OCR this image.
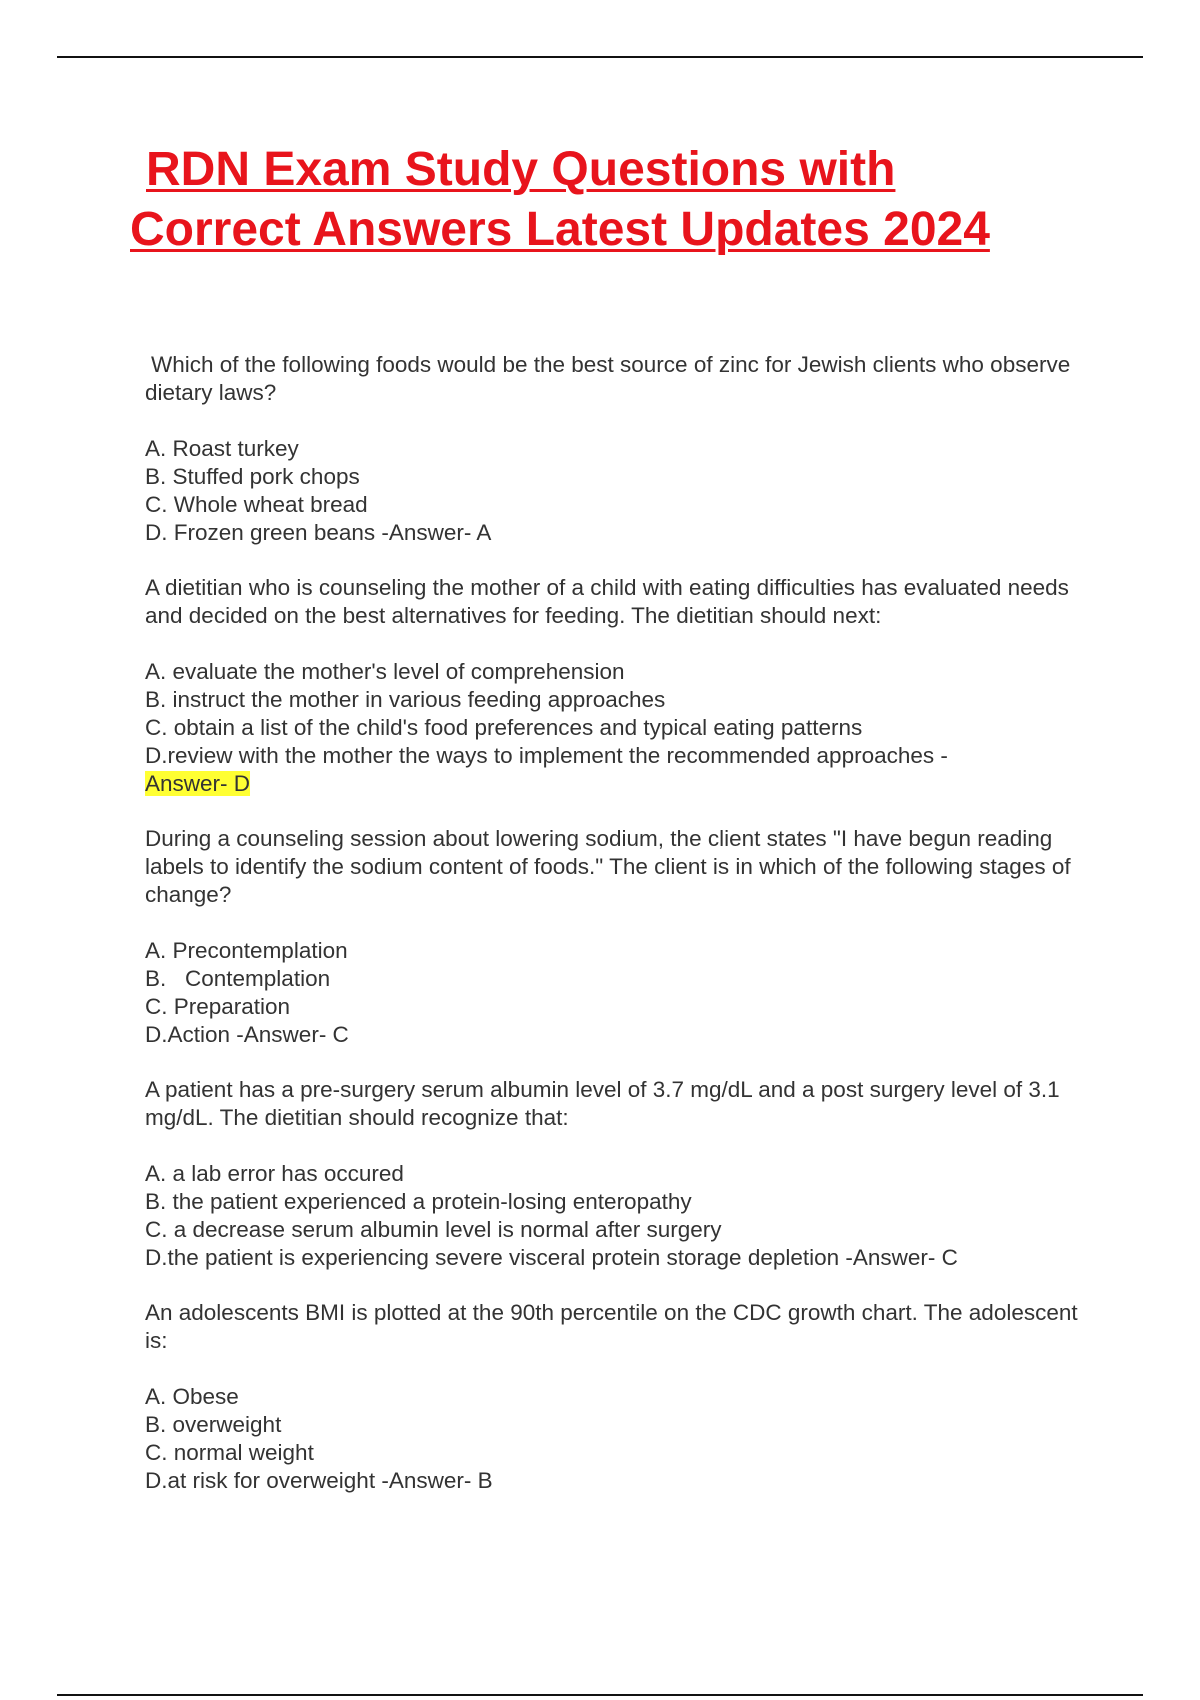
RDN Exam Study Questions with
Correct Answers Latest Updates 2024

Which of the following foods would be the best source of zinc for Jewish clients who observe dietary laws?

A. Roast turkey
B. Stuffed pork chops
C. Whole wheat bread
D. Frozen green beans -Answer- A

A dietitian who is counseling the mother of a child with eating difficulties has evaluated needs and decided on the best alternatives for feeding. The dietitian should next:

A. evaluate the mother's level of comprehension
B. instruct the mother in various feeding approaches
C. obtain a list of the child's food preferences and typical eating patterns
D.review with the mother the ways to implement the recommended approaches -
Answer- D

During a counseling session about lowering sodium, the client states "I have begun reading labels to identify the sodium content of foods." The client is in which of the following stages of change?

A. Precontemplation
B.   Contemplation
C. Preparation
D.Action -Answer- C

A patient has a pre-surgery serum albumin level of 3.7 mg/dL and a post surgery level of 3.1 mg/dL. The dietitian should recognize that:

A. a lab error has occured
B. the patient experienced a protein-losing enteropathy
C. a decrease serum albumin level is normal after surgery
D.the patient is experiencing severe visceral protein storage depletion -Answer- C

An adolescents BMI is plotted at the 90th percentile on the CDC growth chart. The adolescent is:

A. Obese
B. overweight
C. normal weight
D.at risk for overweight -Answer- B
